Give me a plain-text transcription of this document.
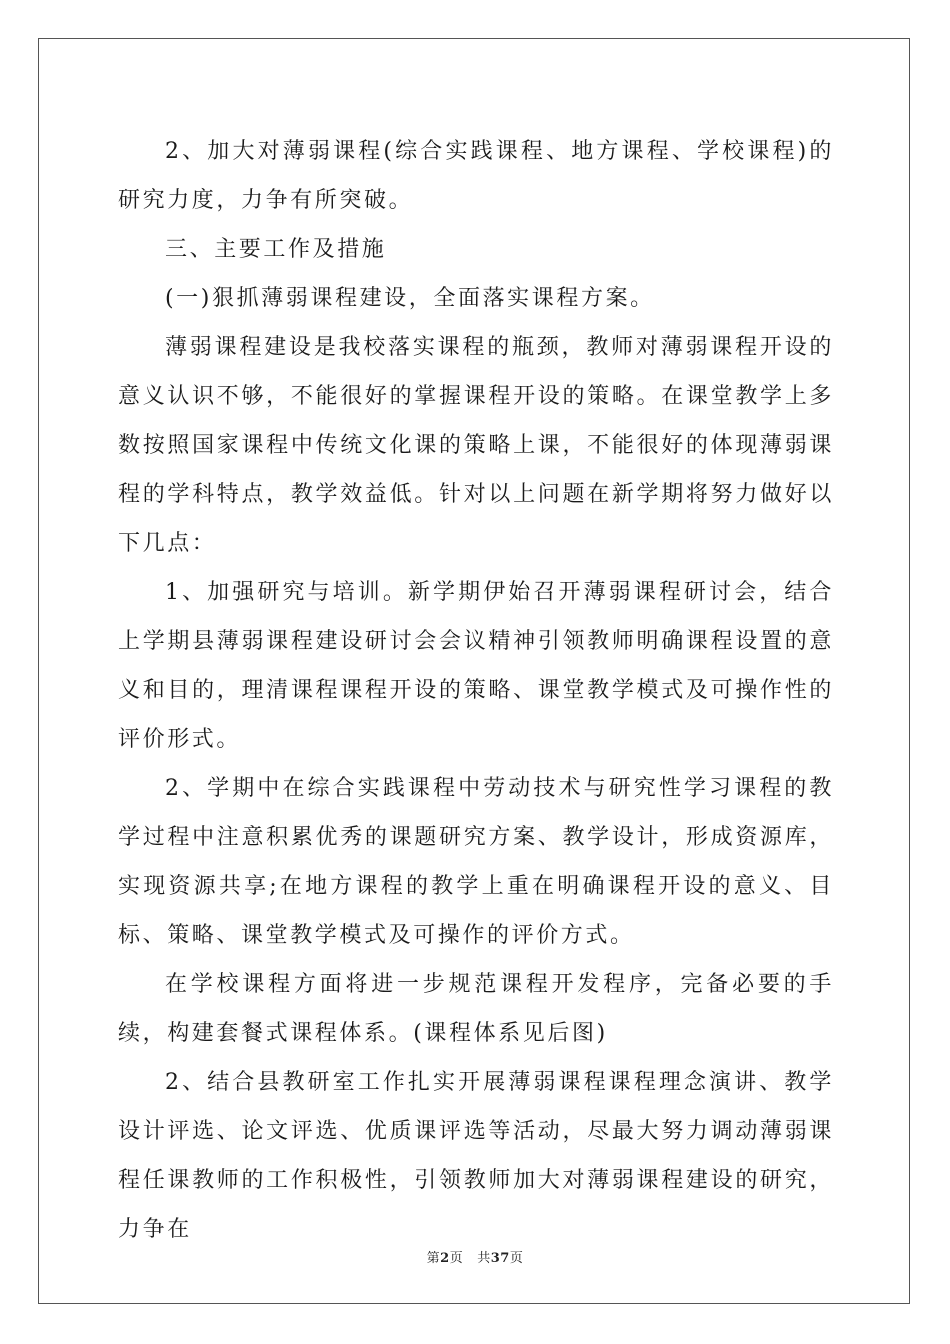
2、加大对薄弱课程(综合实践课程、地方课程、学校课程)的研究力度，力争有所突破。

三、主要工作及措施

(一)狠抓薄弱课程建设，全面落实课程方案。

薄弱课程建设是我校落实课程的瓶颈，教师对薄弱课程开设的意义认识不够，不能很好的掌握课程开设的策略。在课堂教学上多数按照国家课程中传统文化课的策略上课，不能很好的体现薄弱课程的学科特点，教学效益低。针对以上问题在新学期将努力做好以下几点：

1、加强研究与培训。新学期伊始召开薄弱课程研讨会，结合上学期县薄弱课程建设研讨会会议精神引领教师明确课程设置的意义和目的，理清课程课程开设的策略、课堂教学模式及可操作性的评价形式。

2、学期中在综合实践课程中劳动技术与研究性学习课程的教学过程中注意积累优秀的课题研究方案、教学设计，形成资源库，实现资源共享;在地方课程的教学上重在明确课程开设的意义、目标、策略、课堂教学模式及可操作的评价方式。

在学校课程方面将进一步规范课程开发程序，完备必要的手续，构建套餐式课程体系。(课程体系见后图)

2、结合县教研室工作扎实开展薄弱课程课程理念演讲、教学设计评选、论文评选、优质课评选等活动，尽最大努力调动薄弱课程任课教师的工作积极性，引领教师加大对薄弱课程建设的研究，力争在

第2页 共37页
